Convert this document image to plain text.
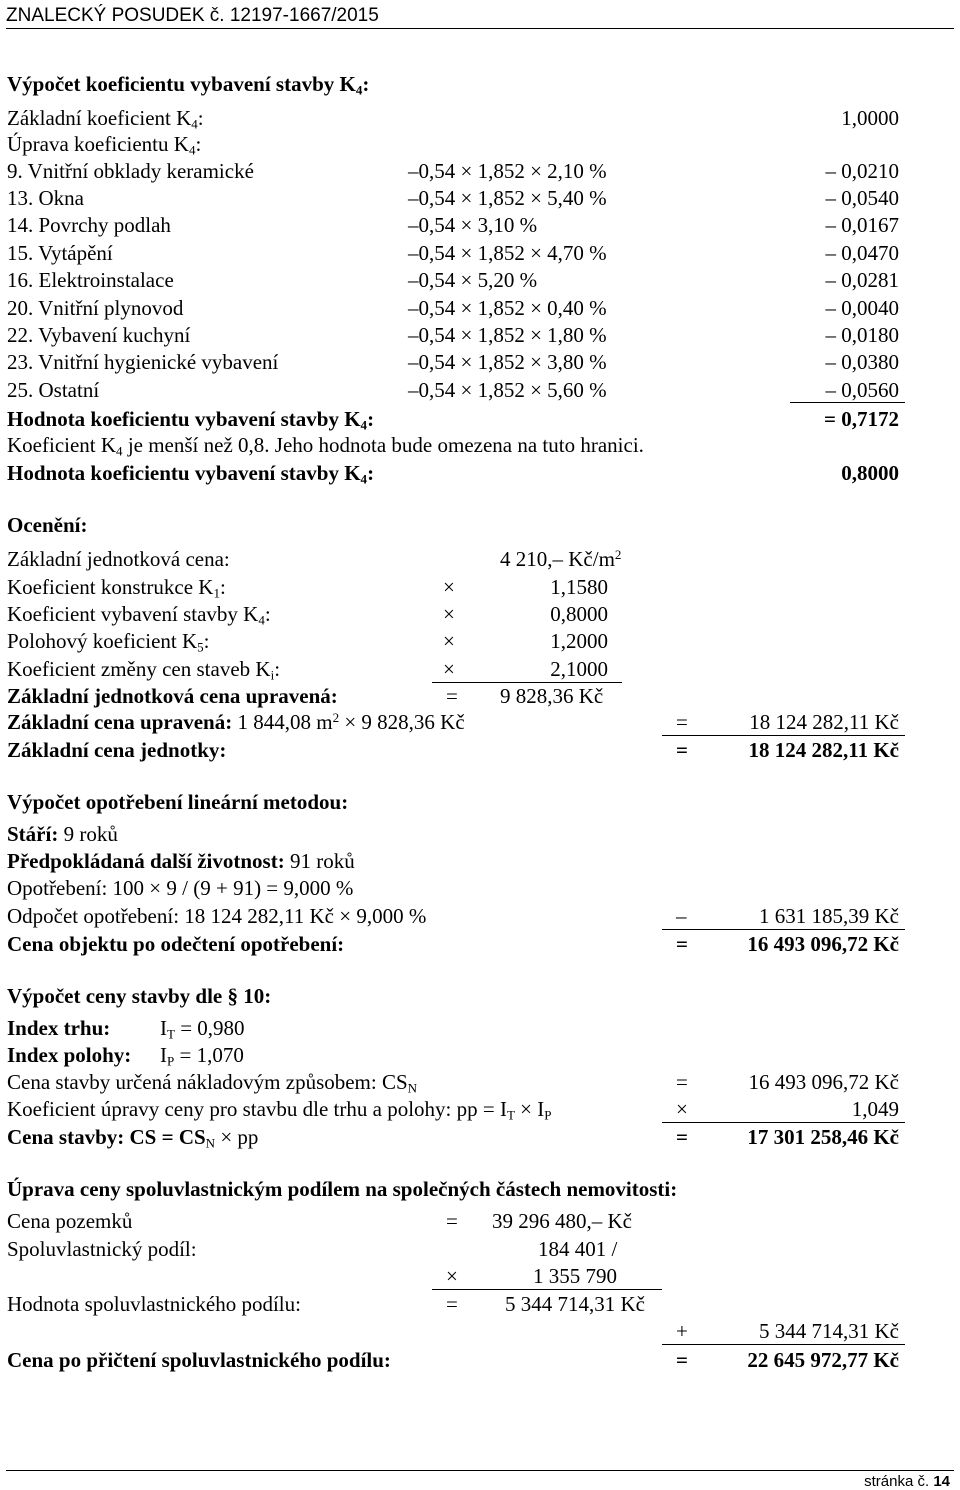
ZNALECKÝ POSUDEK č. 12197-1667/2015
Výpočet koeficientu vybavení stavby $K_4$:
Základní koeficient $K_4$:	1,0000
Úprava koeficientu $K_4$:
9. Vnitřní obklady keramické	–0,54 × 1,852 × 2,10 %	– 0,0210
13. Okna	–0,54 × 1,852 × 5,40 %	– 0,0540
14. Povrchy podlah	–0,54 × 3,10 %	– 0,0167
15. Vytápění	–0,54 × 1,852 × 4,70 %	– 0,0470
16. Elektroinstalace	–0,54 × 5,20 %	– 0,0281
20. Vnitřní plynovod	–0,54 × 1,852 × 0,40 %	– 0,0040
22. Vybavení kuchyní	–0,54 × 1,852 × 1,80 %	– 0,0180
23. Vnitřní hygienické vybavení	–0,54 × 1,852 × 3,80 %	– 0,0380
25. Ostatní	–0,54 × 1,852 × 5,60 %	– 0,0560
Hodnota koeficientu vybavení stavby $K_4$:	= 0,7172
Koeficient $K_4$ je menší než 0,8. Jeho hodnota bude omezena na tuto hranici.
Hodnota koeficientu vybavení stavby $K_4$:	0,8000
Ocenění:
Základní jednotková cena:	4 210,– $Kč/m^2$
Koeficient konstrukce $K_1$:	×	1,1580
Koeficient vybavení stavby $K_4$:	×	0,8000
Polohový koeficient $K_5$:	×	1,2000
Koeficient změny cen staveb $K_i$:	×	2,1000
Základní jednotková cena upravená:	= 9 828,36 Kč
Základní cena upravená: 1 844,08 $m^2 \times 9$ 828,36 Kč	=	18 124 282,11 Kč
Základní cena jednotky:	=	18 124 282,11 Kč
Výpočet opotřebení lineární metodou:
Stáří: 9 roků
Předpokládaná další životnost: 91 roků
Opotřebení: 100 × 9 / (9 + 91) = 9,000 %
Odpočet opotřebení: 18 124 282,11 Kč × 9,000 %	–	1 631 185,39 Kč
Cena objektu po odečtení opotřebení:	=	16 493 096,72 Kč
Výpočet ceny stavby dle § 10:
Index trhu: $I_T = 0,980$
Index polohy: $I_P = 1,070$
Cena stavby určená nákladovým způsobem: $CS_N$	=	16 493 096,72 Kč
Koeficient úpravy ceny pro stavbu dle trhu a polohy: pp = $I_T \times I_P$	×	1,049
Cena stavby: CS = $CS_N$ × pp	=	17 301 258,46 Kč
Úprava ceny spoluvlastnickým podílem na společných částech nemovitosti:
Cena pozemků	= 39 296 480,– Kč
Spoluvlastnický podíl:	184 401 /
×	1 355 790
Hodnota spoluvlastnického podílu:	= 5 344 714,31 Kč
+	5 344 714,31 Kč
Cena po přičtení spoluvlastnického podílu:	=	22 645 972,77 Kč
stránka č. 14
